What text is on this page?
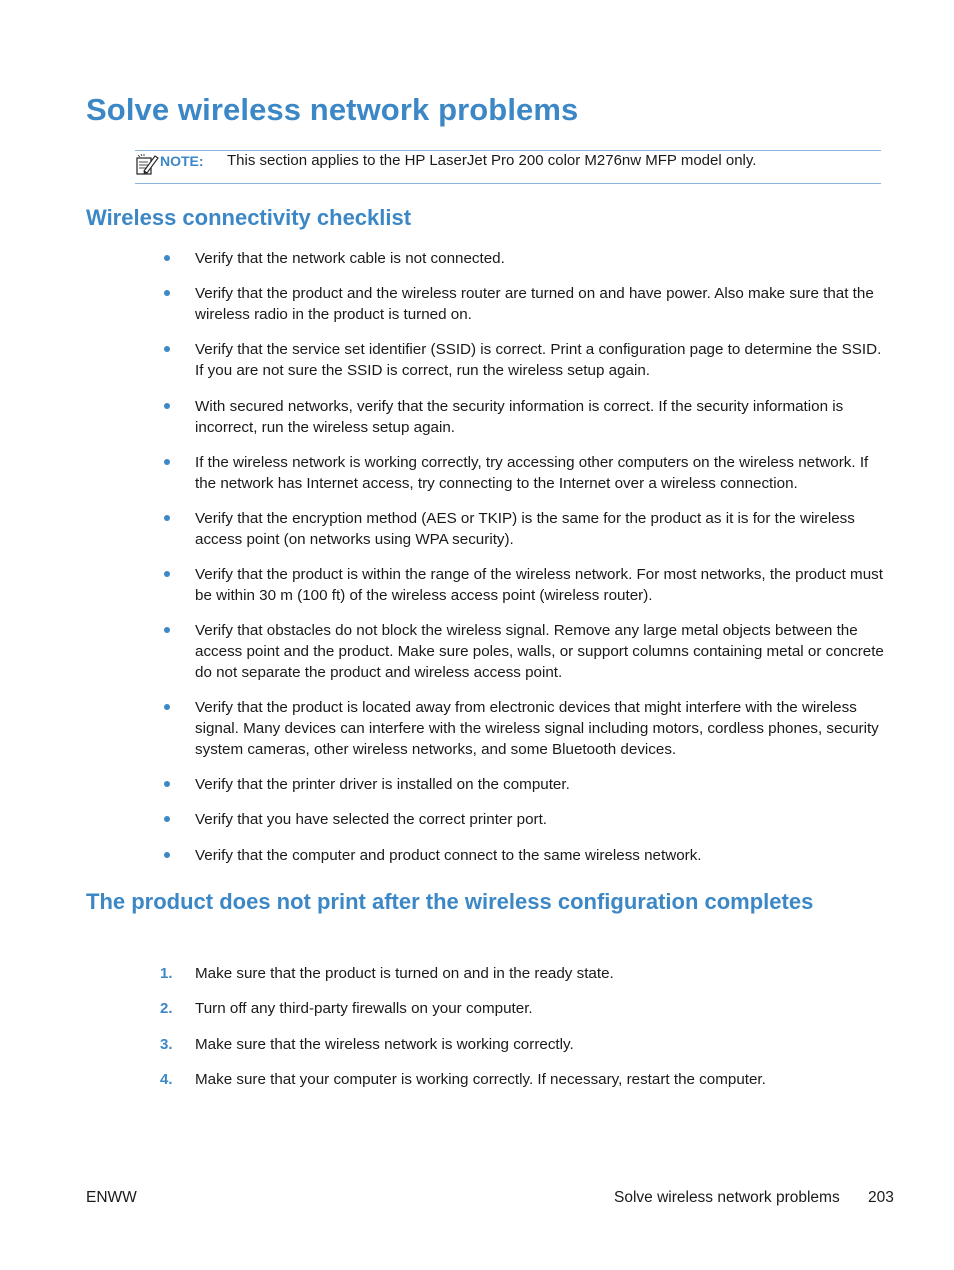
Solve wireless network problems
NOTE: This section applies to the HP LaserJet Pro 200 color M276nw MFP model only.
Wireless connectivity checklist
Verify that the network cable is not connected.
Verify that the product and the wireless router are turned on and have power. Also make sure that the wireless radio in the product is turned on.
Verify that the service set identifier (SSID) is correct. Print a configuration page to determine the SSID. If you are not sure the SSID is correct, run the wireless setup again.
With secured networks, verify that the security information is correct. If the security information is incorrect, run the wireless setup again.
If the wireless network is working correctly, try accessing other computers on the wireless network. If the network has Internet access, try connecting to the Internet over a wireless connection.
Verify that the encryption method (AES or TKIP) is the same for the product as it is for the wireless access point (on networks using WPA security).
Verify that the product is within the range of the wireless network. For most networks, the product must be within 30 m (100 ft) of the wireless access point (wireless router).
Verify that obstacles do not block the wireless signal. Remove any large metal objects between the access point and the product. Make sure poles, walls, or support columns containing metal or concrete do not separate the product and wireless access point.
Verify that the product is located away from electronic devices that might interfere with the wireless signal. Many devices can interfere with the wireless signal including motors, cordless phones, security system cameras, other wireless networks, and some Bluetooth devices.
Verify that the printer driver is installed on the computer.
Verify that you have selected the correct printer port.
Verify that the computer and product connect to the same wireless network.
The product does not print after the wireless configuration completes
1. Make sure that the product is turned on and in the ready state.
2. Turn off any third-party firewalls on your computer.
3. Make sure that the wireless network is working correctly.
4. Make sure that your computer is working correctly. If necessary, restart the computer.
ENWW	Solve wireless network problems 203
